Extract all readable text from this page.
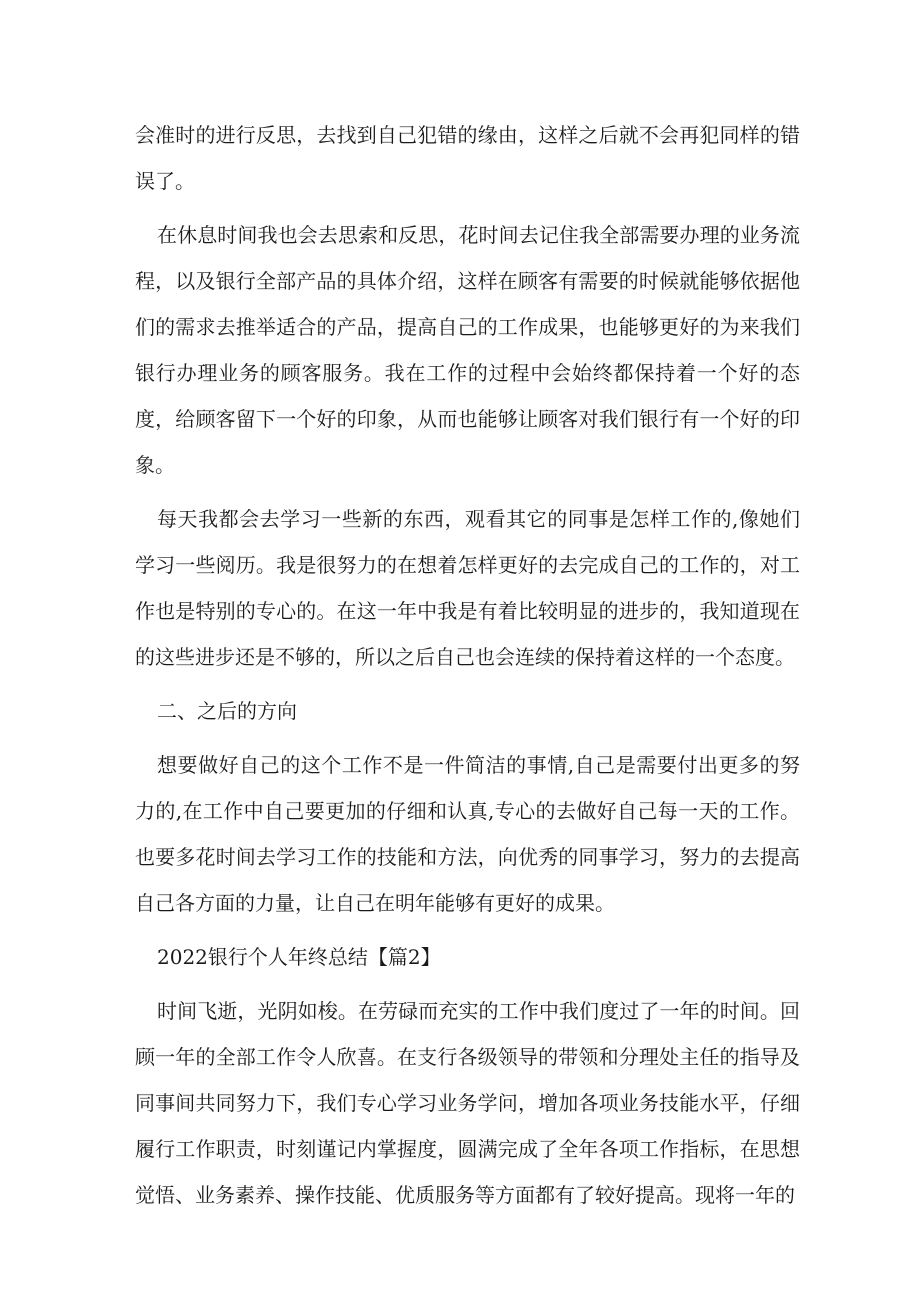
会准时的进行反思，去找到自己犯错的缘由，这样之后就不会再犯同样的错误了。

在休息时间我也会去思索和反思，花时间去记住我全部需要办理的业务流程，以及银行全部产品的具体介绍，这样在顾客有需要的时候就能够依据他们的需求去推举适合的产品，提高自己的工作成果，也能够更好的为来我们银行办理业务的顾客服务。我在工作的过程中会始终都保持着一个好的态度，给顾客留下一个好的印象，从而也能够让顾客对我们银行有一个好的印象。

每天我都会去学习一些新的东西，观看其它的同事是怎样工作的,像她们学习一些阅历。我是很努力的在想着怎样更好的去完成自己的工作的，对工作也是特别的专心的。在这一年中我是有着比较明显的进步的，我知道现在的这些进步还是不够的，所以之后自己也会连续的保持着这样的一个态度。

二、之后的方向

想要做好自己的这个工作不是一件简洁的事情,自己是需要付出更多的努力的,在工作中自己要更加的仔细和认真,专心的去做好自己每一天的工作。也要多花时间去学习工作的技能和方法，向优秀的同事学习，努力的去提高自己各方面的力量，让自己在明年能够有更好的成果。

2022银行个人年终总结【篇2】

时间飞逝，光阴如梭。在劳碌而充实的工作中我们度过了一年的时间。回顾一年的全部工作令人欣喜。在支行各级领导的带领和分理处主任的指导及同事间共同努力下，我们专心学习业务学问，增加各项业务技能水平，仔细履行工作职责，时刻谨记内掌握度，圆满完成了全年各项工作指标，在思想觉悟、业务素养、操作技能、优质服务等方面都有了较好提高。现将一年的
